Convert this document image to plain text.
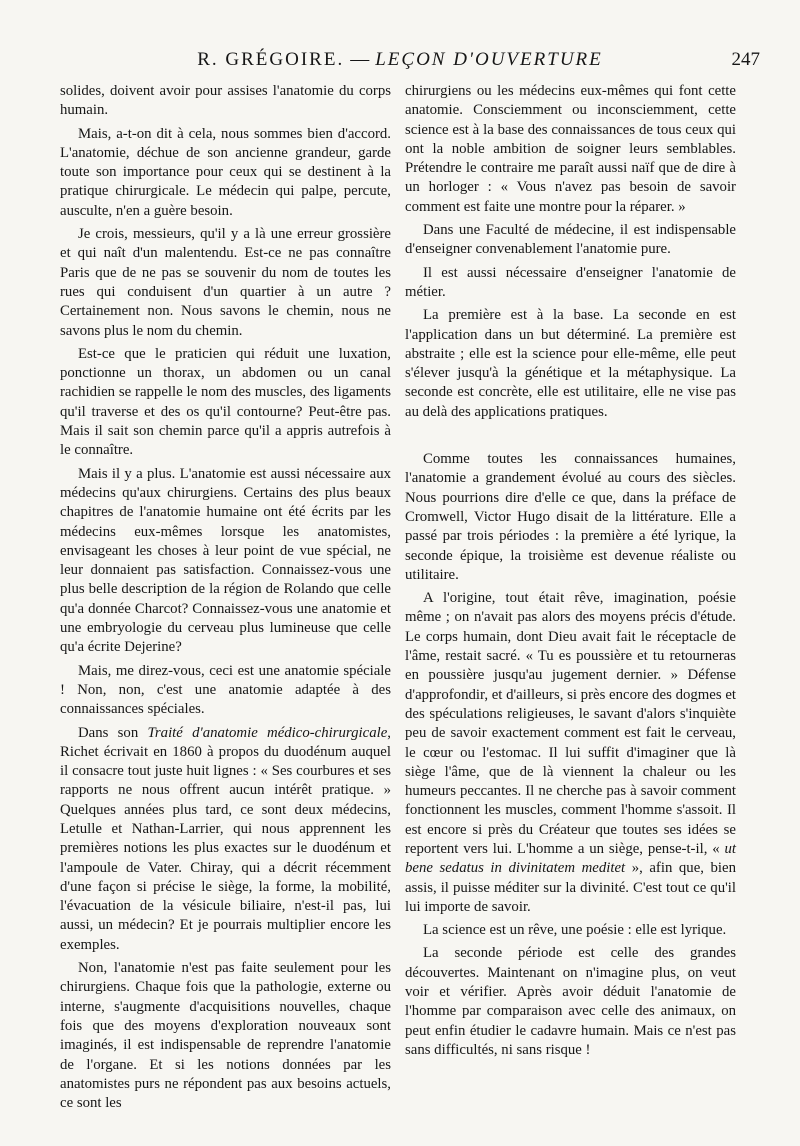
R. GRÉGOIRE. — LEÇON D'OUVERTURE	247

solides, doivent avoir pour assises l'anatomie du corps humain.

Mais, a-t-on dit à cela, nous sommes bien d'accord. L'anatomie, déchue de son ancienne grandeur, garde toute son importance pour ceux qui se destinent à la pratique chirurgicale. Le médecin qui palpe, percute, ausculte, n'en a guère besoin.

Je crois, messieurs, qu'il y a là une erreur grossière et qui naît d'un malentendu. Est-ce ne pas connaître Paris que de ne pas se souvenir du nom de toutes les rues qui conduisent d'un quartier à un autre ? Certainement non. Nous savons le chemin, nous ne savons plus le nom du chemin.

Est-ce que le praticien qui réduit une luxation, ponctionne un thorax, un abdomen ou un canal rachidien se rappelle le nom des muscles, des ligaments qu'il traverse et des os qu'il contourne? Peut-être pas. Mais il sait son chemin parce qu'il a appris autrefois à le connaître.

Mais il y a plus. L'anatomie est aussi nécessaire aux médecins qu'aux chirurgiens. Certains des plus beaux chapitres de l'anatomie humaine ont été écrits par les médecins eux-mêmes lorsque les anatomistes, envisageant les choses à leur point de vue spécial, ne leur donnaient pas satisfaction. Connaissez-vous une plus belle description de la région de Rolando que celle qu'a donnée Charcot? Connaissez-vous une anatomie et une embryologie du cerveau plus lumineuse que celle qu'a écrite Dejerine?

Mais, me direz-vous, ceci est une anatomie spéciale ! Non, non, c'est une anatomie adaptée à des connaissances spéciales.

Dans son Traité d'anatomie médico-chirurgicale, Richet écrivait en 1860 à propos du duodénum auquel il consacre tout juste huit lignes : « Ses courbures et ses rapports ne nous offrent aucun intérêt pratique. » Quelques années plus tard, ce sont deux médecins, Letulle et Nathan-Larrier, qui nous apprennent les premières notions les plus exactes sur le duodénum et l'ampoule de Vater. Chiray, qui a décrit récemment d'une façon si précise le siège, la forme, la mobilité, l'évacuation de la vésicule biliaire, n'est-il pas, lui aussi, un médecin? Et je pourrais multiplier encore les exemples.

Non, l'anatomie n'est pas faite seulement pour les chirurgiens. Chaque fois que la pathologie, externe ou interne, s'augmente d'acquisitions nouvelles, chaque fois que des moyens d'exploration nouveaux sont imaginés, il est indispensable de reprendre l'anatomie de l'organe. Et si les notions données par les anatomistes purs ne répondent pas aux besoins actuels, ce sont les

chirurgiens ou les médecins eux-mêmes qui font cette anatomie. Consciemment ou inconsciemment, cette science est à la base des connaissances de tous ceux qui ont la noble ambition de soigner leurs semblables. Prétendre le contraire me paraît aussi naïf que de dire à un horloger : « Vous n'avez pas besoin de savoir comment est faite une montre pour la réparer. »

Dans une Faculté de médecine, il est indispensable d'enseigner convenablement l'anatomie pure.

Il est aussi nécessaire d'enseigner l'anatomie de métier.

La première est à la base. La seconde en est l'application dans un but déterminé. La première est abstraite ; elle est la science pour elle-même, elle peut s'élever jusqu'à la génétique et la métaphysique. La seconde est concrète, elle est utilitaire, elle ne vise pas au delà des applications pratiques.

Comme toutes les connaissances humaines, l'anatomie a grandement évolué au cours des siècles. Nous pourrions dire d'elle ce que, dans la préface de Cromwell, Victor Hugo disait de la littérature. Elle a passé par trois périodes : la première a été lyrique, la seconde épique, la troisième est devenue réaliste ou utilitaire.

A l'origine, tout était rêve, imagination, poésie même ; on n'avait pas alors des moyens précis d'étude. Le corps humain, dont Dieu avait fait le réceptacle de l'âme, restait sacré. « Tu es poussière et tu retourneras en poussière jusqu'au jugement dernier. » Défense d'approfondir, et d'ailleurs, si près encore des dogmes et des spéculations religieuses, le savant d'alors s'inquiète peu de savoir exactement comment est fait le cerveau, le cœur ou l'estomac. Il lui suffit d'imaginer que là siège l'âme, que de là viennent la chaleur ou les humeurs peccantes. Il ne cherche pas à savoir comment fonctionnent les muscles, comment l'homme s'assoit. Il est encore si près du Créateur que toutes ses idées se reportent vers lui. L'homme a un siège, pense-t-il, « ut bene sedatus in divinitatem meditet », afin que, bien assis, il puisse méditer sur la divinité. C'est tout ce qu'il lui importe de savoir.

La science est un rêve, une poésie : elle est lyrique.

La seconde période est celle des grandes découvertes. Maintenant on n'imagine plus, on veut voir et vérifier. Après avoir déduit l'anatomie de l'homme par comparaison avec celle des animaux, on peut enfin étudier le cadavre humain. Mais ce n'est pas sans difficultés, ni sans risque !
